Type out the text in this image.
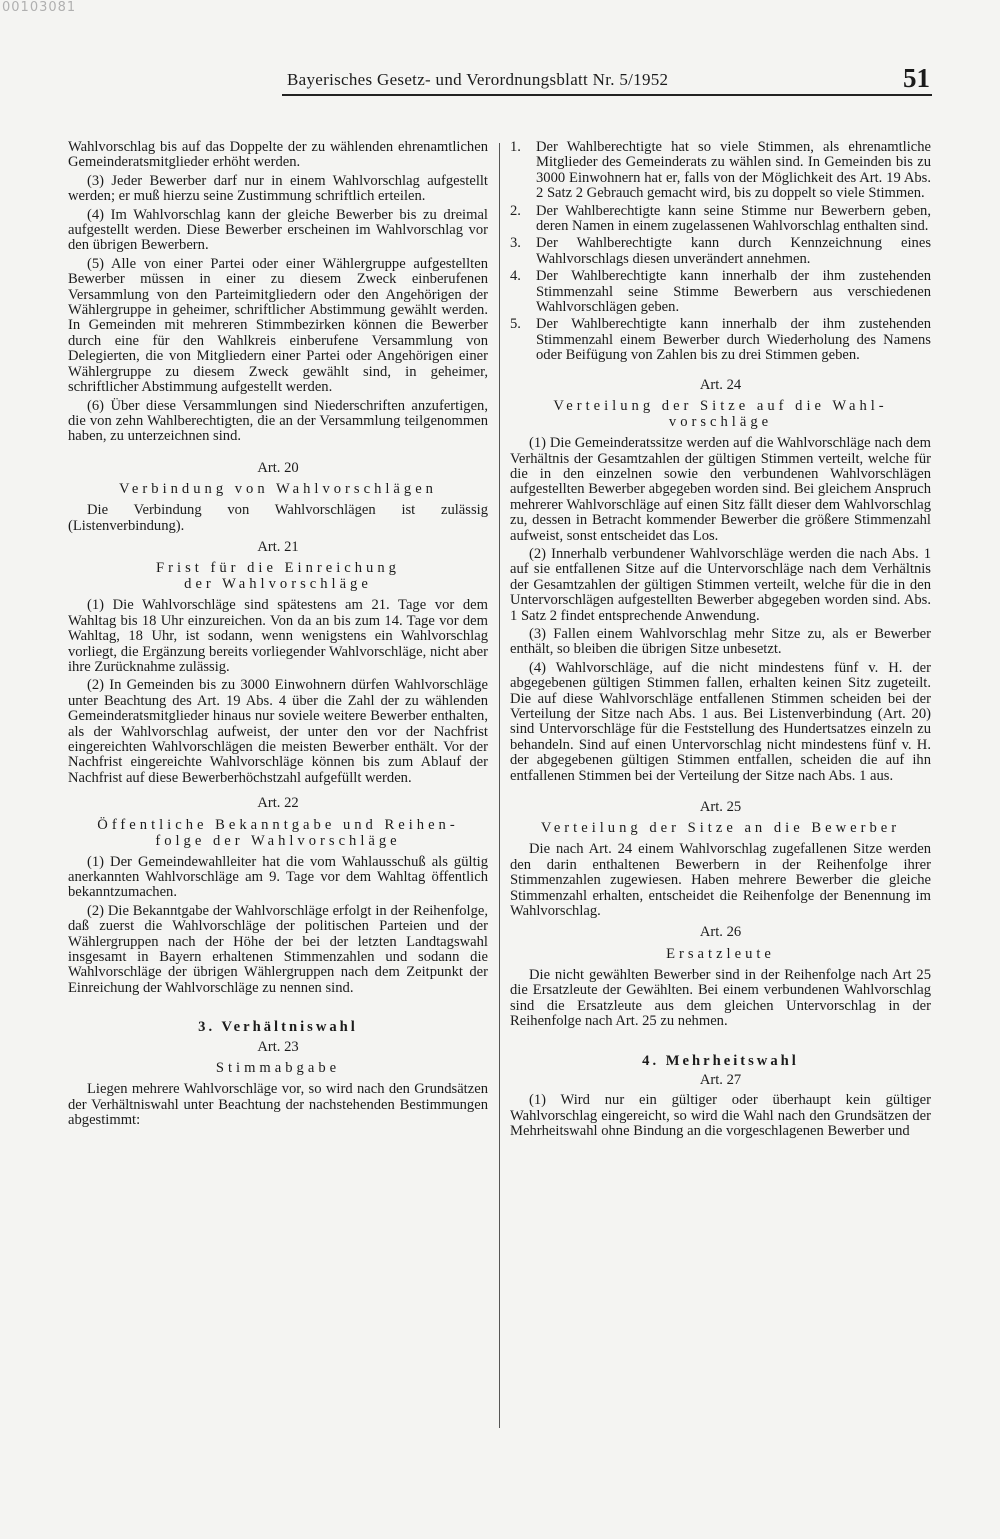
00103081
Bayerisches Gesetz- und Verordnungsblatt Nr. 5/1952	51

Wahlvorschlag bis auf das Doppelte der zu wählenden ehrenamtlichen Gemeinderatsmitglieder erhöht werden.

(3) Jeder Bewerber darf nur in einem Wahlvorschlag aufgestellt werden; er muß hierzu seine Zustimmung schriftlich erteilen.

(4) Im Wahlvorschlag kann der gleiche Bewerber bis zu dreimal aufgestellt werden. Diese Bewerber erscheinen im Wahlvorschlag vor den übrigen Bewerbern.

(5) Alle von einer Partei oder einer Wählergruppe aufgestellten Bewerber müssen in einer zu diesem Zweck einberufenen Versammlung von den Parteimitgliedern oder den Angehörigen der Wählergruppe in geheimer, schriftlicher Abstimmung gewählt werden. In Gemeinden mit mehreren Stimmbezirken können die Bewerber durch eine für den Wahlkreis einberufene Versammlung von Delegierten, die von Mitgliedern einer Partei oder Angehörigen einer Wählergruppe zu diesem Zweck gewählt sind, in geheimer, schriftlicher Abstimmung aufgestellt werden.

(6) Über diese Versammlungen sind Niederschriften anzufertigen, die von zehn Wahlberechtigten, die an der Versammlung teilgenommen haben, zu unterzeichnen sind.

Art. 20
Verbindung von Wahlvorschlägen

Die Verbindung von Wahlvorschlägen ist zulässig (Listenverbindung).

Art. 21
Frist für die Einreichung
der Wahlvorschläge

(1) Die Wahlvorschläge sind spätestens am 21. Tage vor dem Wahltag bis 18 Uhr einzureichen. Von da an bis zum 14. Tage vor dem Wahltag, 18 Uhr, ist sodann, wenn wenigstens ein Wahlvorschlag vorliegt, die Ergänzung bereits vorliegender Wahlvorschläge, nicht aber ihre Zurücknahme zulässig.

(2) In Gemeinden bis zu 3000 Einwohnern dürfen Wahlvorschläge unter Beachtung des Art. 19 Abs. 4 über die Zahl der zu wählenden Gemeinderatsmitglieder hinaus nur soviele weitere Bewerber enthalten, als der Wahlvorschlag aufweist, der unter den vor der Nachfrist eingereichten Wahlvorschlägen die meisten Bewerber enthält. Vor der Nachfrist eingereichte Wahlvorschläge können bis zum Ablauf der Nachfrist auf diese Bewerberhöchstzahl aufgefüllt werden.

Art. 22
Öffentliche Bekanntgabe und Reihen-
folge der Wahlvorschläge

(1) Der Gemeindewahlleiter hat die vom Wahlausschuß als gültig anerkannten Wahlvorschläge am 9. Tage vor dem Wahltag öffentlich bekanntzumachen.

(2) Die Bekanntgabe der Wahlvorschläge erfolgt in der Reihenfolge, daß zuerst die Wahlvorschläge der politischen Parteien und der Wählergruppen nach der Höhe der bei der letzten Landtagswahl insgesamt in Bayern erhaltenen Stimmenzahlen und sodann die Wahlvorschläge der übrigen Wählergruppen nach dem Zeitpunkt der Einreichung der Wahlvorschläge zu nennen sind.

3. Verhältniswahl
Art. 23
Stimmabgabe

Liegen mehrere Wahlvorschläge vor, so wird nach den Grundsätzen der Verhältniswahl unter Beachtung der nachstehenden Bestimmungen abgestimmt:

1. Der Wahlberechtigte hat so viele Stimmen, als ehrenamtliche Mitglieder des Gemeinderats zu wählen sind. In Gemeinden bis zu 3000 Einwohnern hat er, falls von der Möglichkeit des Art. 19 Abs. 2 Satz 2 Gebrauch gemacht wird, bis zu doppelt so viele Stimmen.
2. Der Wahlberechtigte kann seine Stimme nur Bewerbern geben, deren Namen in einem zugelassenen Wahlvorschlag enthalten sind.
3. Der Wahlberechtigte kann durch Kennzeichnung eines Wahlvorschlags diesen unverändert annehmen.
4. Der Wahlberechtigte kann innerhalb der ihm zustehenden Stimmenzahl seine Stimme Bewerbern aus verschiedenen Wahlvorschlägen geben.
5. Der Wahlberechtigte kann innerhalb der ihm zustehenden Stimmenzahl einem Bewerber durch Wiederholung des Namens oder Beifügung von Zahlen bis zu drei Stimmen geben.
Art. 24
Verteilung der Sitze auf die Wahl-
vorschläge

(1) Die Gemeinderatssitze werden auf die Wahlvorschläge nach dem Verhältnis der Gesamtzahlen der gültigen Stimmen verteilt, welche für die in den einzelnen sowie den verbundenen Wahlvorschlägen aufgestellten Bewerber abgegeben worden sind. Bei gleichem Anspruch mehrerer Wahlvorschläge auf einen Sitz fällt dieser dem Wahlvorschlag zu, dessen in Betracht kommender Bewerber die größere Stimmenzahl aufweist, sonst entscheidet das Los.

(2) Innerhalb verbundener Wahlvorschläge werden die nach Abs. 1 auf sie entfallenen Sitze auf die Untervorschläge nach dem Verhältnis der Gesamtzahlen der gültigen Stimmen verteilt, welche für die in den Untervorschlägen aufgestellten Bewerber abgegeben worden sind. Abs. 1 Satz 2 findet entsprechende Anwendung.

(3) Fallen einem Wahlvorschlag mehr Sitze zu, als er Bewerber enthält, so bleiben die übrigen Sitze unbesetzt.

(4) Wahlvorschläge, auf die nicht mindestens fünf v. H. der abgegebenen gültigen Stimmen fallen, erhalten keinen Sitz zugeteilt. Die auf diese Wahlvorschläge entfallenen Stimmen scheiden bei der Verteilung der Sitze nach Abs. 1 aus. Bei Listenverbindung (Art. 20) sind Untervorschläge für die Feststellung des Hundertsatzes einzeln zu behandeln. Sind auf einen Untervorschlag nicht mindestens fünf v. H. der abgegebenen gültigen Stimmen entfallen, scheiden die auf ihn entfallenen Stimmen bei der Verteilung der Sitze nach Abs. 1 aus.

Art. 25
Verteilung der Sitze an die Bewerber

Die nach Art. 24 einem Wahlvorschlag zugefallenen Sitze werden den darin enthaltenen Bewerbern in der Reihenfolge ihrer Stimmenzahlen zugewiesen. Haben mehrere Bewerber die gleiche Stimmenzahl erhalten, entscheidet die Reihenfolge der Benennung im Wahlvorschlag.

Art. 26
Ersatzleute

Die nicht gewählten Bewerber sind in der Reihenfolge nach Art 25 die Ersatzleute der Gewählten. Bei einem verbundenen Wahlvorschlag sind die Ersatzleute aus dem gleichen Untervorschlag in der Reihenfolge nach Art. 25 zu nehmen.

4. Mehrheitswahl
Art. 27

(1) Wird nur ein gültiger oder überhaupt kein gültiger Wahlvorschlag eingereicht, so wird die Wahl nach den Grundsätzen der Mehrheitswahl ohne Bindung an die vorgeschlagenen Bewerber und
